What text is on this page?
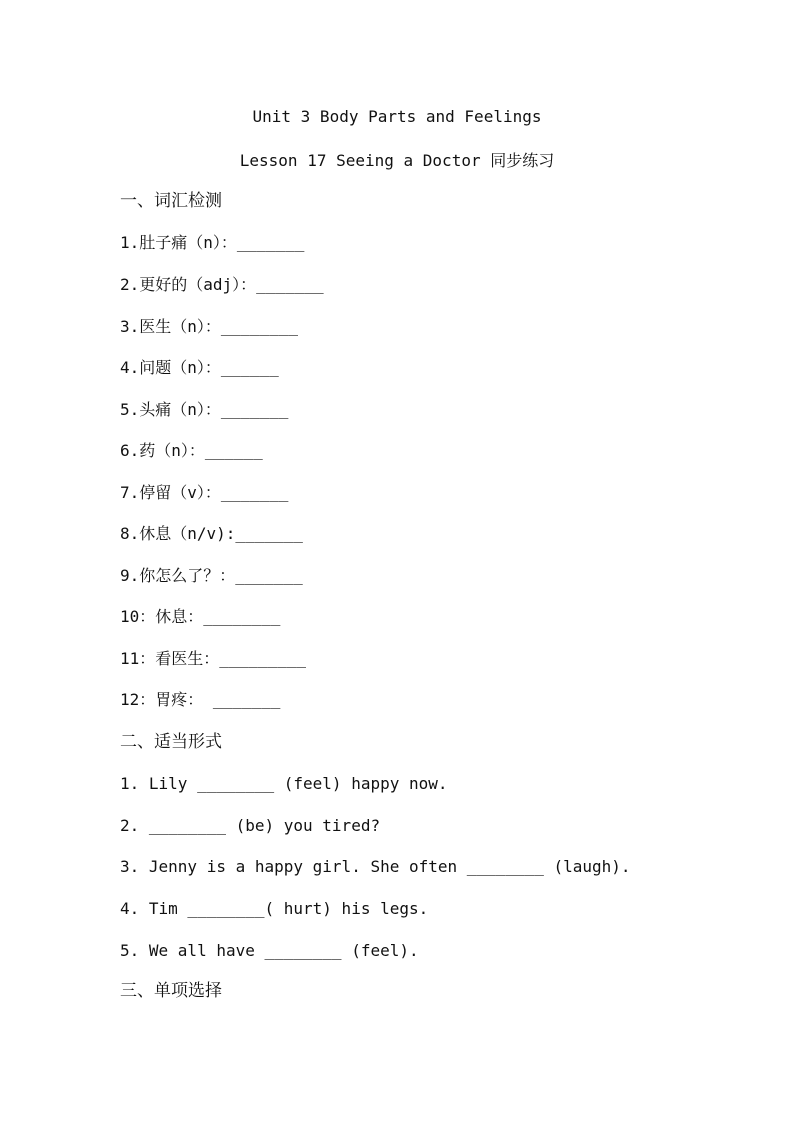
Unit 3 Body Parts and Feelings
Lesson 17 Seeing a Doctor 同步练习
一、词汇检测
1.肚子痛（n）：_______
2.更好的（adj）：_______
3.医生（n）：________
4.问题（n）：______
5.头痛（n）：_______
6.药（n）：______
7.停留（v）：_______
8.休息（n/v):_______
9.你怎么了？：_______
10：休息：________
11：看医生：_________
12：胃疼： _______
二、适当形式
1. Lily ________ (feel) happy now.
2. ________ (be) you tired?
3. Jenny is a happy girl. She often ________ (laugh).
4. Tim ________( hurt) his legs.
5. We all have ________ (feel).
三、单项选择
